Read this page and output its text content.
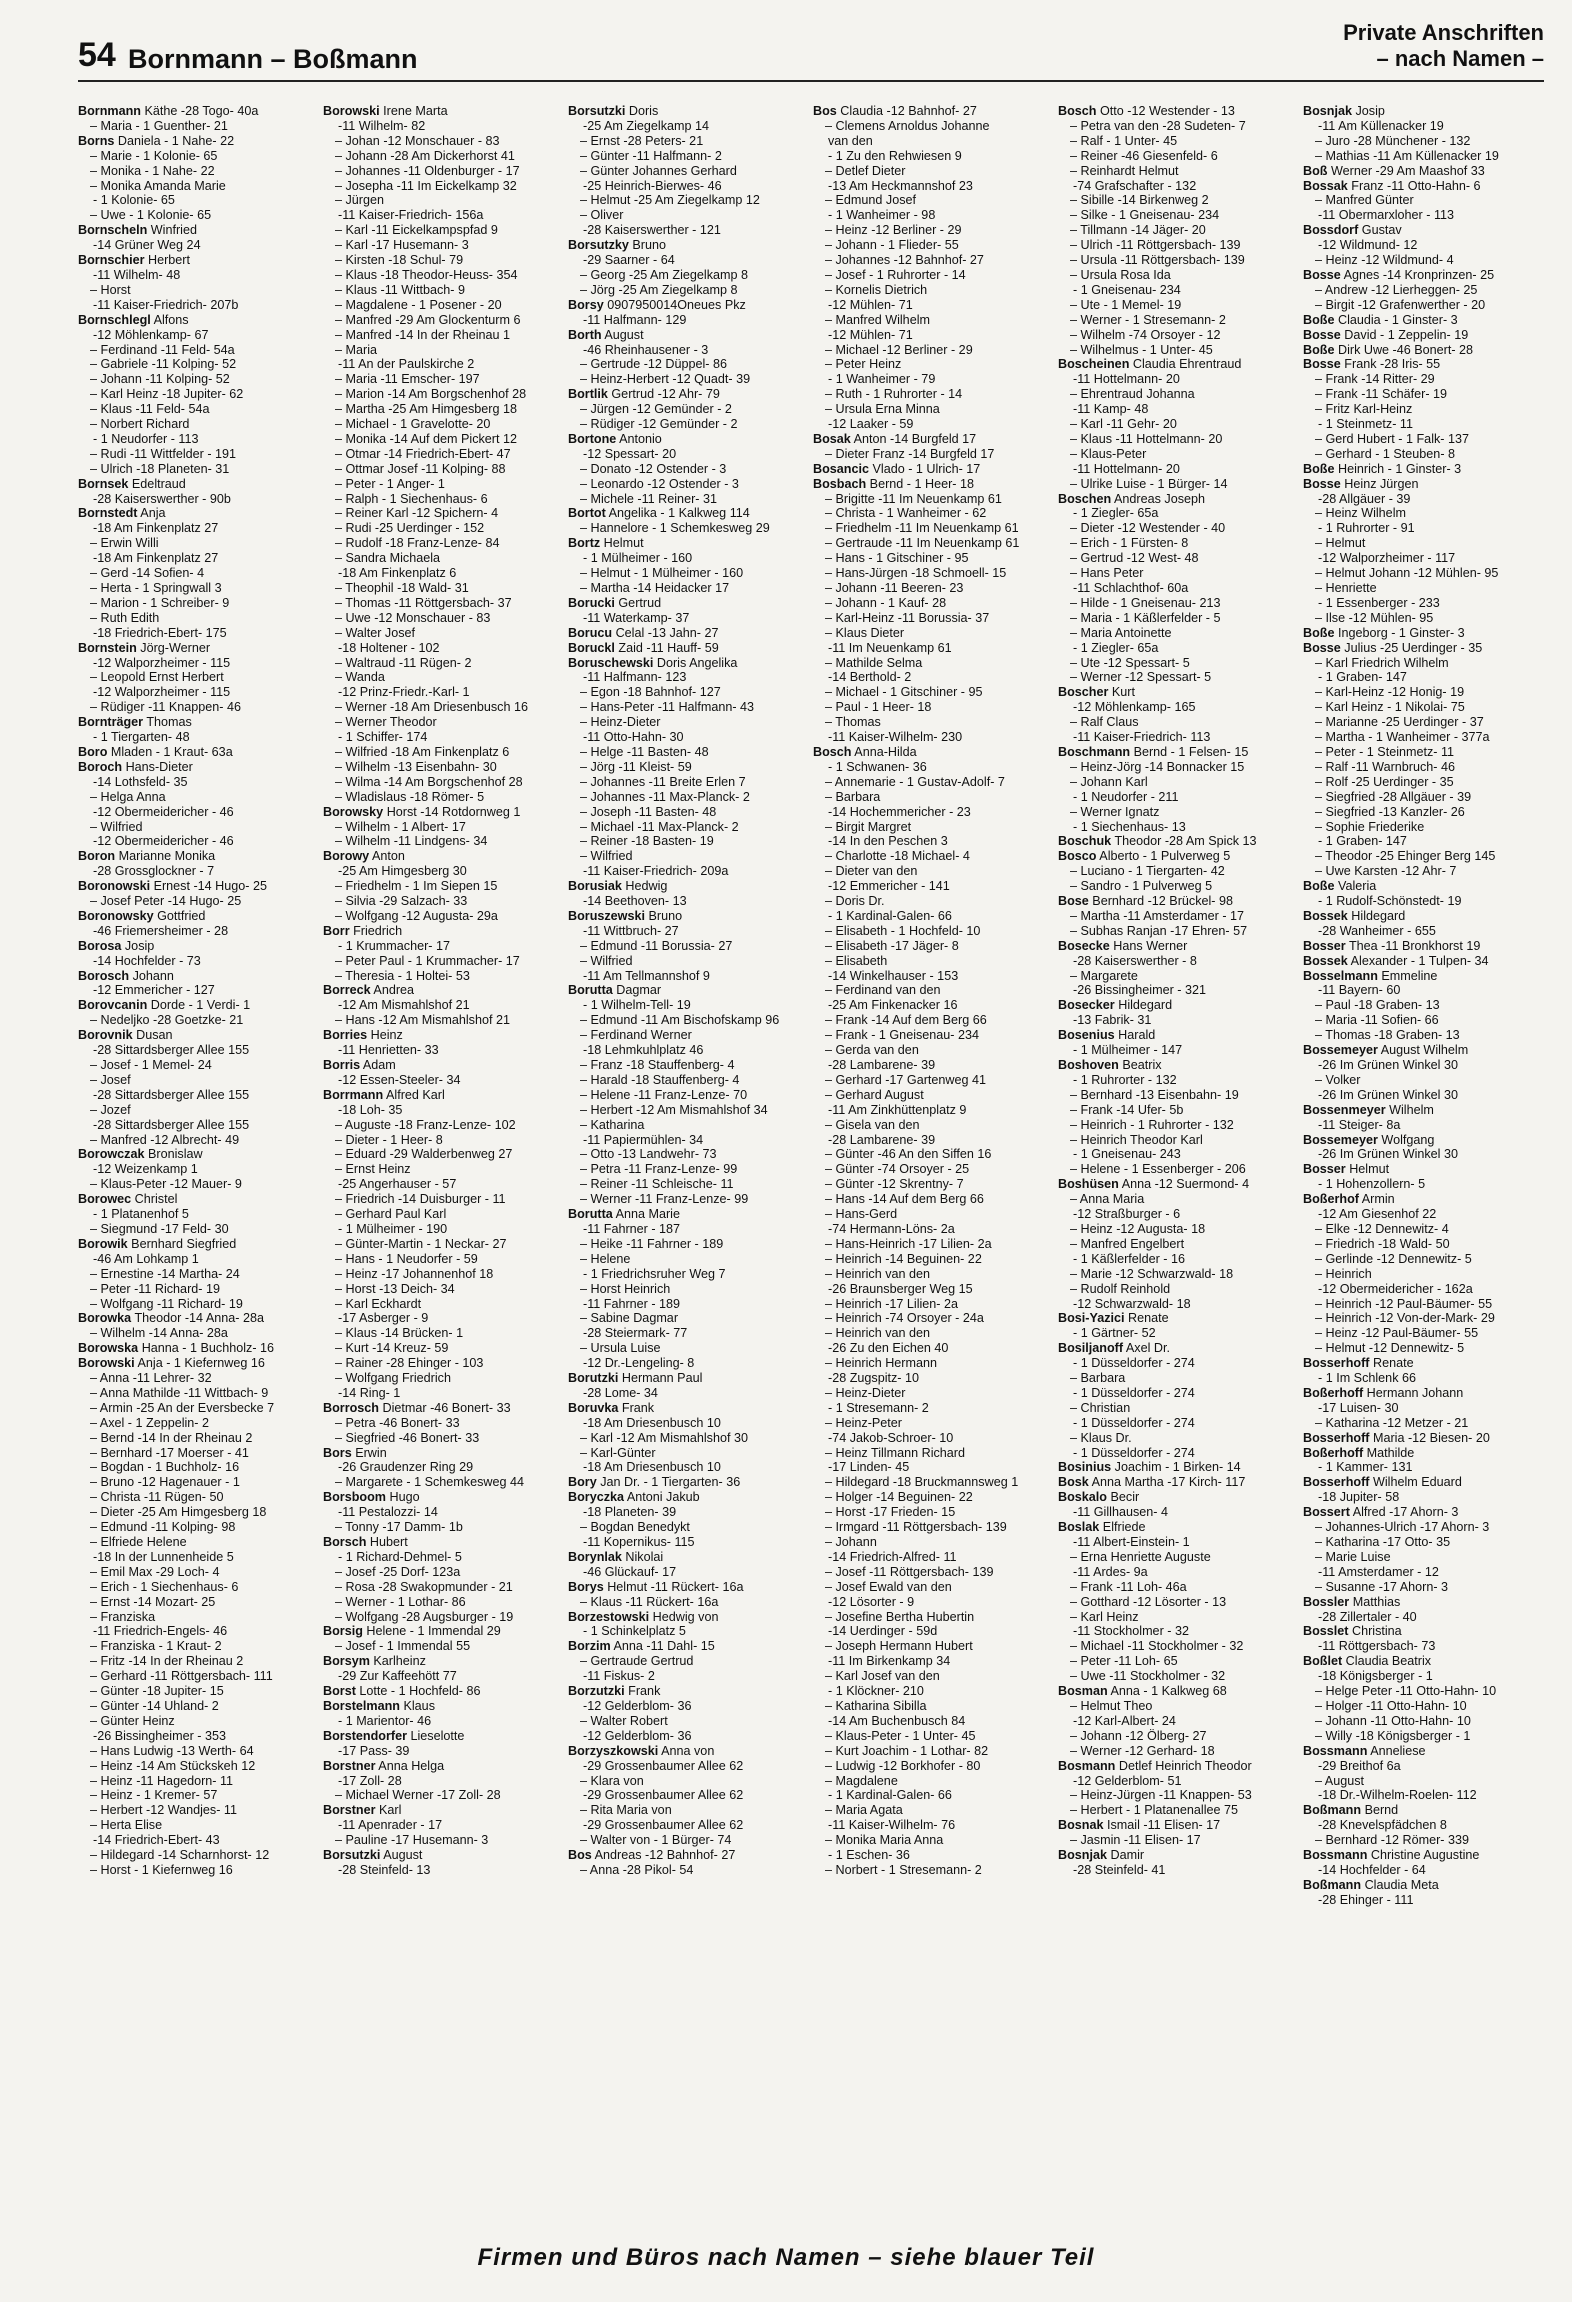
54 Bornmann – Boßmann
Private Anschriften
– nach Namen –
Bornmann Käthe -28 Togo- 40a
– Maria - 1 Guenther- 21
Borns Daniela - 1 Nahe- 22
– Marie - 1 Kolonie- 65
– Monika - 1 Nahe- 22
– Monika Amanda Marie
- 1 Kolonie- 65
– Uwe - 1 Kolonie- 65
Bornscheln Winfried
-14 Grüner Weg 24
Bornschier Herbert
-11 Wilhelm- 48
– Horst
-11 Kaiser-Friedrich- 207b
Bornschlegl Alfons
-12 Möhlenkamp- 67
– Ferdinand -11 Feld- 54a
– Gabriele -11 Kolping- 52
– Johann -11 Kolping- 52
– Karl Heinz -18 Jupiter- 62
– Klaus -11 Feld- 54a
– Norbert Richard
- 1 Neudorfer - 113
– Rudi -11 Wittfelder - 191
– Ulrich -18 Planeten- 31
Bornsek Edeltraud
-28 Kaiserswerther - 90b
Bornstedt Anja
-18 Am Finkenplatz 27
– Erwin Willi
-18 Am Finkenplatz 27
– Gerd -14 Sofien- 4
– Herta - 1 Springwall 3
– Marion - 1 Schreiber- 9
– Ruth Edith
-18 Friedrich-Ebert- 175
Bornstein Jörg-Werner
-12 Walporzheimer - 115
– Leopold Ernst Herbert
-12 Walporzheimer - 115
– Rüdiger -11 Knappen- 46
Bornträger Thomas
- 1 Tiergarten- 48
Boro Mladen - 1 Kraut- 63a
Boroch Hans-Dieter
-14 Lothsfeld- 35
– Helga Anna
-12 Obermeidericher - 46
– Wilfried
-12 Obermeidericher - 46
Boron Marianne Monika
-28 Grossglockner - 7
Boronowski Ernest -14 Hugo- 25
– Josef Peter -14 Hugo- 25
Boronowsky Gottfried
-46 Friemersheimer - 28
Borosa Josip
-14 Hochfelder - 73
Borosch Johann
-12 Emmericher - 127
Borovcanin Dorde - 1 Verdi- 1
– Nedeljko -28 Goetzke- 21
Borovnik Dusan
-28 Sittardsberger Allee 155
– Josef - 1 Memel- 24
– Josef
-28 Sittardsberger Allee 155
– Jozef
-28 Sittardsberger Allee 155
– Manfred -12 Albrecht- 49
Borowczak Bronislaw
-12 Weizenkamp 1
– Klaus-Peter -12 Mauer- 9
Borowec Christel
- 1 Platanenhof 5
– Siegmund -17 Feld- 30
Borowik Bernhard Siegfried
-46 Am Lohkamp 1
– Ernestine -14 Martha- 24
– Peter -11 Richard- 19
– Wolfgang -11 Richard- 19
Borowka Theodor -14 Anna- 28a
– Wilhelm -14 Anna- 28a
Borowska Hanna - 1 Buchholz- 16
Borowski Anja - 1 Kiefernweg 16
– Anna -11 Lehrer- 32
– Anna Mathilde -11 Wittbach- 9
– Armin -25 An der Eversbecke 7
– Axel - 1 Zeppelin- 2
– Bernd -14 In der Rheinau 2
– Bernhard -17 Moerser - 41
– Bogdan - 1 Buchholz- 16
– Bruno -12 Hagenauer - 1
– Christa -11 Rügen- 50
– Dieter -25 Am Himgesberg 18
– Edmund -11 Kolping- 98
– Elfriede Helene
-18 In der Lunnenheide 5
– Emil Max -29 Loch- 4
– Erich - 1 Siechenhaus- 6
– Ernst -14 Mozart- 25
– Franziska
-11 Friedrich-Engels- 46
– Franziska - 1 Kraut- 2
– Fritz -14 In der Rheinau 2
– Gerhard -11 Röttgersbach- 111
– Günter -18 Jupiter- 15
– Günter -14 Uhland- 2
– Günter Heinz
-26 Bissingheimer - 353
– Hans Ludwig -13 Werth- 64
– Heinz -14 Am Stückskeh 12
– Heinz -11 Hagedorn- 11
– Heinz - 1 Kremer- 57
– Herbert -12 Wandjes- 11
– Herta Elise
-14 Friedrich-Ebert- 43
– Hildegard -14 Scharnhorst- 12
– Horst - 1 Kiefernweg 16
Borowski Irene Marta
-11 Wilhelm- 82
– Johan -12 Monschauer - 83
– Johann -28 Am Dickerhorst 41
– Johannes -11 Oldenburger - 17
– Josepha -11 Im Eickelkamp 32
– Jürgen
-11 Kaiser-Friedrich- 156a
– Karl -11 Eickelkampspfad 9
– Karl -17 Husemann- 3
– Kirsten -18 Schul- 79
– Klaus -18 Theodor-Heuss- 354
– Klaus -11 Wittbach- 9
– Magdalene - 1 Posener - 20
– Manfred -29 Am Glockenturm 6
– Manfred -14 In der Rheinau 1
– Maria
-11 An der Paulskirche 2
– Maria -11 Emscher- 197
– Marion -14 Am Borgschenhof 28
– Martha -25 Am Himgesberg 18
– Michael - 1 Gravelotte- 20
– Monika -14 Auf dem Pickert 12
– Otmar -14 Friedrich-Ebert- 47
– Ottmar Josef -11 Kolping- 88
– Peter - 1 Anger- 1
– Ralph - 1 Siechenhaus- 6
– Reiner Karl -12 Spichern- 4
– Rudi -25 Uerdinger - 152
– Rudolf -18 Franz-Lenze- 84
– Sandra Michaela
-18 Am Finkenplatz 6
– Theophil -18 Wald- 31
– Thomas -11 Röttgersbach- 37
– Uwe -12 Monschauer - 83
– Walter Josef
-18 Holtener - 102
– Waltraud -11 Rügen- 2
– Wanda
-12 Prinz-Friedr.-Karl- 1
– Werner -18 Am Driesenbusch 16
– Werner Theodor
- 1 Schiffer- 174
– Wilfried -18 Am Finkenplatz 6
– Wilhelm -13 Eisenbahn- 30
– Wilma -14 Am Borgschenhof 28
– Wladislaus -18 Römer- 5
Borowsky Horst -14 Rotdornweg 1
– Wilhelm - 1 Albert- 17
– Wilhelm -11 Lindgens- 34
Borowy Anton
-25 Am Himgesberg 30
– Friedhelm - 1 Im Siepen 15
– Silvia -29 Salzach- 33
– Wolfgang -12 Augusta- 29a
Borr Friedrich
- 1 Krummacher- 17
– Peter Paul - 1 Krummacher- 17
– Theresia - 1 Holtei- 53
Borreck Andrea
-12 Am Mismahlshof 21
– Hans -12 Am Mismahlshof 21
Borries Heinz
-11 Henrietten- 33
Borris Adam
-12 Essen-Steeler- 34
Borrmann Alfred Karl
-18 Loh- 35
– Auguste -18 Franz-Lenze- 102
– Dieter - 1 Heer- 8
– Eduard -29 Walderbenweg 27
– Ernst Heinz
-25 Angerhauser - 57
– Friedrich -14 Duisburger - 11
– Gerhard Paul Karl
- 1 Mülheimer - 190
– Günter-Martin - 1 Neckar- 27
– Hans - 1 Neudorfer - 59
– Heinz -17 Johannenhof 18
– Horst -13 Deich- 34
– Karl Eckhardt
-17 Asberger - 9
– Klaus -14 Brücken- 1
– Kurt -14 Kreuz- 59
– Rainer -28 Ehinger - 103
– Wolfgang Friedrich
-14 Ring- 1
Borrosch Dietmar -46 Bonert- 33
– Petra -46 Bonert- 33
– Siegfried -46 Bonert- 33
Bors Erwin
-26 Graudenzer Ring 29
– Margarete - 1 Schemkesweg 44
Borsboom Hugo
-11 Pestalozzi- 14
– Tonny -17 Damm- 1b
Borsch Hubert
- 1 Richard-Dehmel- 5
– Josef -25 Dorf- 123a
– Rosa -28 Swakopmunder - 21
– Werner - 1 Lothar- 86
– Wolfgang -28 Augsburger - 19
Borsig Helene - 1 Immendal 29
– Josef - 1 Immendal 55
Borsym Karlheinz
-29 Zur Kaffeehött 77
Borst Lotte - 1 Hochfeld- 86
Borstelmann Klaus
- 1 Marientor- 46
Borstendorfer Lieselotte
-17 Pass- 39
Borstner Anna Helga
-17 Zoll- 28
– Michael Werner -17 Zoll- 28
Borstner Karl
-11 Apenrader - 17
– Pauline -17 Husemann- 3
Borsutzki August
-28 Steinfeld- 13
Borsutzki Doris
-25 Am Ziegelkamp 14
– Ernst -28 Peters- 21
– Günter -11 Halfmann- 2
– Günter Johannes Gerhard
-25 Heinrich-Bierwes- 46
– Helmut -25 Am Ziegelkamp 12
– Oliver
-28 Kaiserswerther - 121
Borsutzky Bruno
-29 Saarner - 64
– Georg -25 Am Ziegelkamp 8
– Jörg -25 Am Ziegelkamp 8
Borsy 0907950014Oneues Pkz
-11 Halfmann- 129
Borth August
-46 Rheinhausener - 3
– Gertrude -12 Düppel- 86
– Heinz-Herbert -12 Quadt- 39
Bortlik Gertrud -12 Ahr- 79
– Jürgen -12 Gemünder - 2
– Rüdiger -12 Gemünder - 2
Bortone Antonio
-12 Spessart- 20
– Donato -12 Ostender - 3
– Leonardo -12 Ostender - 3
– Michele -11 Reiner- 31
Bortot Angelika - 1 Kalkweg 114
– Hannelore - 1 Schemkesweg 29
Bortz Helmut
- 1 Mülheimer - 160
– Helmut - 1 Mülheimer - 160
– Martha -14 Heidacker 17
Borucki Gertrud
-11 Waterkamp- 37
Borucu Celal -13 Jahn- 27
Boruckl Zaid -11 Hauff- 59
Boruschewski Doris Angelika
-11 Halfmann- 123
– Egon -18 Bahnhof- 127
– Hans-Peter -11 Halfmann- 43
– Heinz-Dieter
-11 Otto-Hahn- 30
– Helge -11 Basten- 48
– Jörg -11 Kleist- 59
– Johannes -11 Breite Erlen 7
– Johannes -11 Max-Planck- 2
– Joseph -11 Basten- 48
– Michael -11 Max-Planck- 2
– Reiner -18 Basten- 19
– Wilfried
-11 Kaiser-Friedrich- 209a
Borusiak Hedwig
-14 Beethoven- 13
Boruszewski Bruno
-11 Wittbruch- 27
– Edmund -11 Borussia- 27
– Wilfried
-11 Am Tellmannshof 9
Borutta Dagmar
- 1 Wilhelm-Tell- 19
– Edmund -11 Am Bischofskamp 96
– Ferdinand Werner
-18 Lehmkuhlplatz 46
– Franz -18 Stauffenberg- 4
– Harald -18 Stauffenberg- 4
– Helene -11 Franz-Lenze- 70
– Herbert -12 Am Mismahlshof 34
– Katharina
-11 Papiermühlen- 34
– Otto -13 Landwehr- 73
– Petra -11 Franz-Lenze- 99
– Reiner -11 Schleische- 11
– Werner -11 Franz-Lenze- 99
Borutta Anna Marie
-11 Fahrner - 187
– Heike -11 Fahrner - 189
– Helene
- 1 Friedrichsruher Weg 7
– Horst Heinrich
-11 Fahrner - 189
– Sabine Dagmar
-28 Steiermark- 77
– Ursula Luise
-12 Dr.-Lengeling- 8
Borutzki Hermann Paul
-28 Lome- 34
Boruvka Frank
-18 Am Driesenbusch 10
– Karl -12 Am Mismahlshof 30
– Karl-Günter
-18 Am Driesenbusch 10
Bory Jan Dr. - 1 Tiergarten- 36
Boryczka Antoni Jakub
-18 Planeten- 39
– Bogdan Benedykt
-11 Kopernikus- 115
Borynlak Nikolai
-46 Glückauf- 17
Borys Helmut -11 Rückert- 16a
– Klaus -11 Rückert- 16a
Borzestowski Hedwig von
- 1 Schinkelplatz 5
Borzim Anna -11 Dahl- 15
– Gertraude Gertrud
-11 Fiskus- 2
Borzutzki Frank
-12 Gelderblom- 36
– Walter Robert
-12 Gelderblom- 36
Borzyszkowski Anna von
-29 Grossenbaumer Allee 62
– Klara von
-29 Grossenbaumer Allee 62
– Rita Maria von
-29 Grossenbaumer Allee 62
– Walter von - 1 Bürger- 74
Bos Andreas -12 Bahnhof- 27
– Anna -28 Pikol- 54
Bos Claudia -12 Bahnhof- 27
– Clemens Arnoldus Johanne
van den
- 1 Zu den Rehwiesen 9
– Detlef Dieter
-13 Am Heckmannshof 23
– Edmund Josef
- 1 Wanheimer - 98
– Heinz -12 Berliner - 29
– Johann - 1 Flieder- 55
– Johannes -12 Bahnhof- 27
– Josef - 1 Ruhrorter - 14
– Kornelis Dietrich
-12 Mühlen- 71
– Manfred Wilhelm
-12 Mühlen- 71
– Michael -12 Berliner - 29
– Peter Heinz
- 1 Wanheimer - 79
– Ruth - 1 Ruhrorter - 14
– Ursula Erna Minna
-12 Laaker - 59
Bosak Anton -14 Burgfeld 17
– Dieter Franz -14 Burgfeld 17
Bosancic Vlado - 1 Ulrich- 17
Bosbach Bernd - 1 Heer- 18
– Brigitte -11 Im Neuenkamp 61
– Christa - 1 Wanheimer - 62
– Friedhelm -11 Im Neuenkamp 61
– Gertraude -11 Im Neuenkamp 61
– Hans - 1 Gitschiner - 95
– Hans-Jürgen -18 Schmoell- 15
– Johann -11 Beeren- 23
– Johann - 1 Kauf- 28
– Karl-Heinz -11 Borussia- 37
– Klaus Dieter
-11 Im Neuenkamp 61
– Mathilde Selma
-14 Berthold- 2
– Michael - 1 Gitschiner - 95
– Paul - 1 Heer- 18
– Thomas
-11 Kaiser-Wilhelm- 230
Bosch Anna-Hilda
- 1 Schwanen- 36
– Annemarie - 1 Gustav-Adolf- 7
– Barbara
-14 Hochemmericher - 23
– Birgit Margret
-14 In den Peschen 3
– Charlotte -18 Michael- 4
– Dieter van den
-12 Emmericher - 141
– Doris Dr.
- 1 Kardinal-Galen- 66
– Elisabeth - 1 Hochfeld- 10
– Elisabeth -17 Jäger- 8
– Elisabeth
-14 Winkelhauser - 153
– Ferdinand van den
-25 Am Finkenacker 16
– Frank -14 Auf dem Berg 66
– Frank - 1 Gneisenau- 234
– Gerda van den
-28 Lambarene- 39
– Gerhard -17 Gartenweg 41
– Gerhard August
-11 Am Zinkhüttenplatz 9
– Gisela van den
-28 Lambarene- 39
– Günter -46 An den Siffen 16
– Günter -74 Orsoyer - 25
– Günter -12 Skrentny- 7
– Hans -14 Auf dem Berg 66
– Hans-Gerd
-74 Hermann-Löns- 2a
– Hans-Heinrich -17 Lilien- 2a
– Heinrich -14 Beguinen- 22
– Heinrich van den
-26 Braunsberger Weg 15
– Heinrich -17 Lilien- 2a
– Heinrich -74 Orsoyer - 24a
– Heinrich van den
-26 Zu den Eichen 40
– Heinrich Hermann
-28 Zugspitz- 10
– Heinz-Dieter
- 1 Stresemann- 2
– Heinz-Peter
-74 Jakob-Schroer- 10
– Heinz Tillmann Richard
-17 Linden- 45
– Hildegard -18 Bruckmannsweg 1
– Holger -14 Beguinen- 22
– Horst -17 Frieden- 15
– Irmgard -11 Röttgersbach- 139
– Johann
-14 Friedrich-Alfred- 11
– Josef -11 Röttgersbach- 139
– Josef Ewald van den
-12 Lösorter - 9
– Josefine Bertha Hubertin
-14 Uerdinger - 59d
– Joseph Hermann Hubert
-11 Im Birkenkamp 34
– Karl Josef van den
- 1 Klöckner- 210
– Katharina Sibilla
-14 Am Buchenbusch 84
– Klaus-Peter - 1 Unter- 45
– Kurt Joachim - 1 Lothar- 82
– Ludwig -12 Borkhofer - 80
– Magdalene
- 1 Kardinal-Galen- 66
– Maria Agata
-11 Kaiser-Wilhelm- 76
– Monika Maria Anna
- 1 Eschen- 36
– Norbert - 1 Stresemann- 2
Bosch Otto -12 Westender - 13
– Petra van den -28 Sudeten- 7
– Ralf - 1 Unter- 45
– Reiner -46 Giesenfeld- 6
– Reinhardt Helmut
-74 Grafschafter - 132
– Sibille -14 Birkenweg 2
– Silke - 1 Gneisenau- 234
– Tillmann -14 Jäger- 20
– Ulrich -11 Röttgersbach- 139
– Ursula -11 Röttgersbach- 139
– Ursula Rosa Ida
- 1 Gneisenau- 234
– Ute - 1 Memel- 19
– Werner - 1 Stresemann- 2
– Wilhelm -74 Orsoyer - 12
– Wilhelmus - 1 Unter- 45
Boscheinen Claudia Ehrentraud
-11 Hottelmann- 20
– Ehrentraud Johanna
-11 Kamp- 48
– Karl -11 Gehr- 20
– Klaus -11 Hottelmann- 20
– Klaus-Peter
-11 Hottelmann- 20
– Ulrike Luise - 1 Bürger- 14
Boschen Andreas Joseph
- 1 Ziegler- 65a
– Dieter -12 Westender - 40
– Erich - 1 Fürsten- 8
– Gertrud -12 West- 48
– Hans Peter
-11 Schlachthof- 60a
– Hilde - 1 Gneisenau- 213
– Maria - 1 Käßlerfelder - 5
– Maria Antoinette
- 1 Ziegler- 65a
– Ute -12 Spessart- 5
– Werner -12 Spessart- 5
Boscher Kurt
-12 Möhlenkamp- 165
– Ralf Claus
-11 Kaiser-Friedrich- 113
Boschmann Bernd - 1 Felsen- 15
– Heinz-Jörg -14 Bonnacker 15
– Johann Karl
- 1 Neudorfer - 211
– Werner Ignatz
- 1 Siechenhaus- 13
Boschuk Theodor -28 Am Spick 13
Bosco Alberto - 1 Pulverweg 5
– Luciano - 1 Tiergarten- 42
– Sandro - 1 Pulverweg 5
Bose Bernhard -12 Brückel- 98
– Martha -11 Amsterdamer - 17
– Subhas Ranjan -17 Ehren- 57
Bosecke Hans Werner
-28 Kaiserswerther - 8
– Margarete
-26 Bissingheimer - 321
Bosecker Hildegard
-13 Fabrik- 31
Bosenius Harald
- 1 Mülheimer - 147
Boshoven Beatrix
- 1 Ruhrorter - 132
– Bernhard -13 Eisenbahn- 19
– Frank -14 Ufer- 5b
– Heinrich - 1 Ruhrorter - 132
– Heinrich Theodor Karl
- 1 Gneisenau- 243
– Helene - 1 Essenberger - 206
Boshüsen Anna -12 Suermond- 4
– Anna Maria
-12 Straßburger - 6
– Heinz -12 Augusta- 18
– Manfred Engelbert
- 1 Käßlerfelder - 16
– Marie -12 Schwarzwald- 18
– Rudolf Reinhold
-12 Schwarzwald- 18
Bosi-Yazici Renate
- 1 Gärtner- 52
Bosiljanoff Axel Dr.
- 1 Düsseldorfer - 274
– Barbara
- 1 Düsseldorfer - 274
– Christian
- 1 Düsseldorfer - 274
– Klaus Dr.
- 1 Düsseldorfer - 274
Bosinius Joachim - 1 Birken- 14
Bosk Anna Martha -17 Kirch- 117
Boskalo Becir
-11 Gillhausen- 4
Boslak Elfriede
-11 Albert-Einstein- 1
– Erna Henriette Auguste
-11 Ardes- 9a
– Frank -11 Loh- 46a
– Gotthard -12 Lösorter - 13
– Karl Heinz
-11 Stockholmer - 32
– Michael -11 Stockholmer - 32
– Peter -11 Loh- 65
– Uwe -11 Stockholmer - 32
Bosman Anna - 1 Kalkweg 68
– Helmut Theo
-12 Karl-Albert- 24
– Johann -12 Ölberg- 27
– Werner -12 Gerhard- 18
Bosmann Detlef Heinrich Theodor
-12 Gelderblom- 51
– Heinz-Jürgen -11 Knappen- 53
– Herbert - 1 Platanenallee 75
Bosnak Ismail -11 Elisen- 17
– Jasmin -11 Elisen- 17
Bosnjak Damir
-28 Steinfeld- 41
Bosnjak Josip
-11 Am Küllenacker 19
– Juro -28 Münchener - 132
– Mathias -11 Am Küllenacker 19
Boß Werner -29 Am Maashof 33
Bossak Franz -11 Otto-Hahn- 6
– Manfred Günter
-11 Obermarxloher - 113
Bossdorf Gustav
-12 Wildmund- 12
– Heinz -12 Wildmund- 4
Bosse Agnes -14 Kronprinzen- 25
– Andrew -12 Lierheggen- 25
– Birgit -12 Grafenwerther - 20
Boße Claudia - 1 Ginster- 3
Bosse David - 1 Zeppelin- 19
Boße Dirk Uwe -46 Bonert- 28
Bosse Frank -28 Iris- 55
– Frank -14 Ritter- 29
– Frank -11 Schäfer- 19
– Fritz Karl-Heinz
- 1 Steinmetz- 11
– Gerd Hubert - 1 Falk- 137
– Gerhard - 1 Steuben- 8
Boße Heinrich - 1 Ginster- 3
Bosse Heinz Jürgen
-28 Allgäuer - 39
– Heinz Wilhelm
- 1 Ruhrorter - 91
– Helmut
-12 Walporzheimer - 117
– Helmut Johann -12 Mühlen- 95
– Henriette
- 1 Essenberger - 233
– Ilse -12 Mühlen- 95
Boße Ingeborg - 1 Ginster- 3
Bosse Julius -25 Uerdinger - 35
– Karl Friedrich Wilhelm
- 1 Graben- 147
– Karl-Heinz -12 Honig- 19
– Karl Heinz - 1 Nikolai- 75
– Marianne -25 Uerdinger - 37
– Martha - 1 Wanheimer - 377a
– Peter - 1 Steinmetz- 11
– Ralf -11 Warnbruch- 46
– Rolf -25 Uerdinger - 35
– Siegfried -28 Allgäuer - 39
– Siegfried -13 Kanzler- 26
– Sophie Friederike
- 1 Graben- 147
– Theodor -25 Ehinger Berg 145
– Uwe Karsten -12 Ahr- 7
Boße Valeria
- 1 Rudolf-Schönstedt- 19
Bossek Hildegard
-28 Wanheimer - 655
Bosser Thea -11 Bronkhorst 19
Bossek Alexander - 1 Tulpen- 34
Bosselmann Emmeline
-11 Bayern- 60
– Paul -18 Graben- 13
– Maria -11 Sofien- 66
– Thomas -18 Graben- 13
Bossemeyer August Wilhelm
-26 Im Grünen Winkel 30
– Volker
-26 Im Grünen Winkel 30
Bossenmeyer Wilhelm
-11 Steiger- 8a
Bossemeyer Wolfgang
-26 Im Grünen Winkel 30
Bosser Helmut
- 1 Hohenzollern- 5
Boßerhof Armin
-12 Am Giesenhof 22
– Elke -12 Dennewitz- 4
– Friedrich -18 Wald- 50
– Gerlinde -12 Dennewitz- 5
– Heinrich
-12 Obermeidericher - 162a
– Heinrich -12 Paul-Bäumer- 55
– Heinrich -12 Von-der-Mark- 29
– Heinz -12 Paul-Bäumer- 55
– Helmut -12 Dennewitz- 5
Bosserhoff Renate
- 1 Im Schlenk 66
Boßerhoff Hermann Johann
-17 Luisen- 30
– Katharina -12 Metzer - 21
Bosserhoff Maria -12 Biesen- 20
Boßerhoff Mathilde
- 1 Kammer- 131
Bosserhoff Wilhelm Eduard
-18 Jupiter- 58
Bossert Alfred -17 Ahorn- 3
– Johannes-Ulrich -17 Ahorn- 3
– Katharina -17 Otto- 35
– Marie Luise
-11 Amsterdamer - 12
– Susanne -17 Ahorn- 3
Bossler Matthias
-28 Zillertaler - 40
Bosslet Christina
-11 Röttgersbach- 73
Boßlet Claudia Beatrix
-18 Königsberger - 1
– Helge Peter -11 Otto-Hahn- 10
– Holger -11 Otto-Hahn- 10
– Johann -11 Otto-Hahn- 10
– Willy -18 Königsberger - 1
Bossmann Anneliese
-29 Breithof 6a
– August
-18 Dr.-Wilhelm-Roelen- 112
Boßmann Bernd
-28 Knevelspfädchen 8
– Bernhard -12 Römer- 339
Bossmann Christine Augustine
-14 Hochfelder - 64
Boßmann Claudia Meta
-28 Ehinger - 111
Firmen und Büros nach Namen – siehe blauer Teil
